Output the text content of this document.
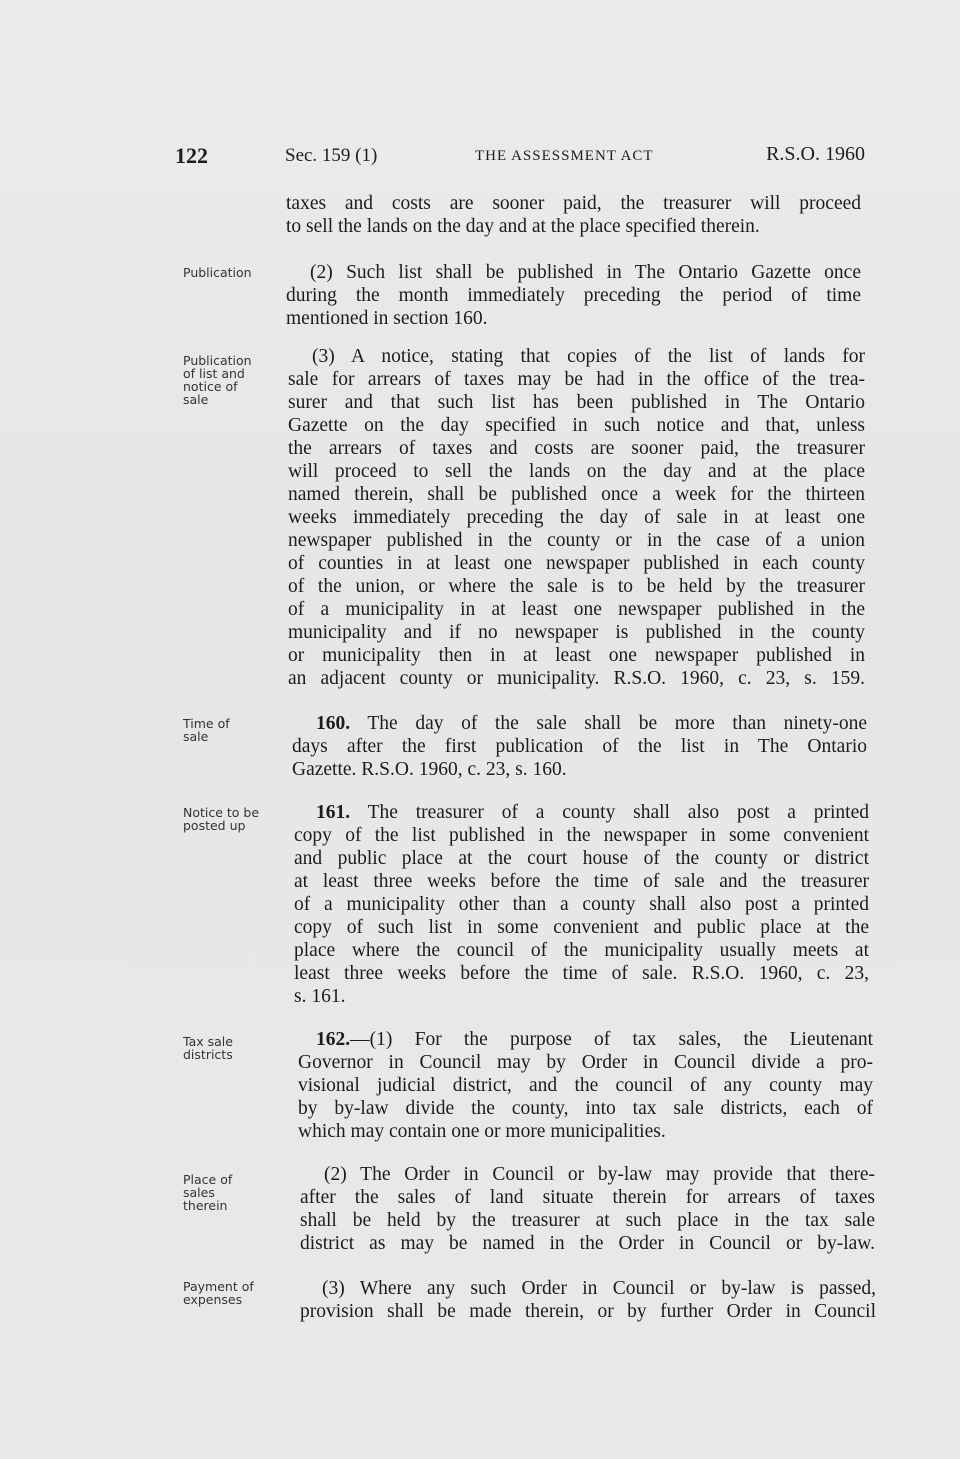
122	Sec. 159 (1)	THE ASSESSMENT ACT	R.S.O. 1960
Publication
Publication
of list and
notice of
sale
Time of
sale
Notice to be
posted up
Tax sale
districts
Place of
sales
therein
Payment of
expenses
taxes and costs are sooner paid, the treasurer will proceed
to sell the lands on the day and at the place specified therein.
(2) Such list shall be published in The Ontario Gazette once
during the month immediately preceding the period of time
mentioned in section 160.
(3) A notice, stating that copies of the list of lands for
sale for arrears of taxes may be had in the office of the trea-
surer and that such list has been published in The Ontario
Gazette on the day specified in such notice and that, unless
the arrears of taxes and costs are sooner paid, the treasurer
will proceed to sell the lands on the day and at the place
named therein, shall be published once a week for the thirteen
weeks immediately preceding the day of sale in at least one
newspaper published in the county or in the case of a union
of counties in at least one newspaper published in each county
of the union, or where the sale is to be held by the treasurer
of a municipality in at least one newspaper published in the
municipality and if no newspaper is published in the county
or municipality then in at least one newspaper published in
an adjacent county or municipality. R.S.O. 1960, c. 23, s. 159.
160. The day of the sale shall be more than ninety-one
days after the first publication of the list in The Ontario
Gazette. R.S.O. 1960, c. 23, s. 160.
161. The treasurer of a county shall also post a printed
copy of the list published in the newspaper in some convenient
and public place at the court house of the county or district
at least three weeks before the time of sale and the treasurer
of a municipality other than a county shall also post a printed
copy of such list in some convenient and public place at the
place where the council of the municipality usually meets at
least three weeks before the time of sale. R.S.O. 1960, c. 23,
s. 161.
162.—(1) For the purpose of tax sales, the Lieutenant
Governor in Council may by Order in Council divide a pro-
visional judicial district, and the council of any county may
by by-law divide the county, into tax sale districts, each of
which may contain one or more municipalities.
(2) The Order in Council or by-law may provide that there-
after the sales of land situate therein for arrears of taxes
shall be held by the treasurer at such place in the tax sale
district as may be named in the Order in Council or by-law.
(3) Where any such Order in Council or by-law is passed,
provision shall be made therein, or by further Order in Council
